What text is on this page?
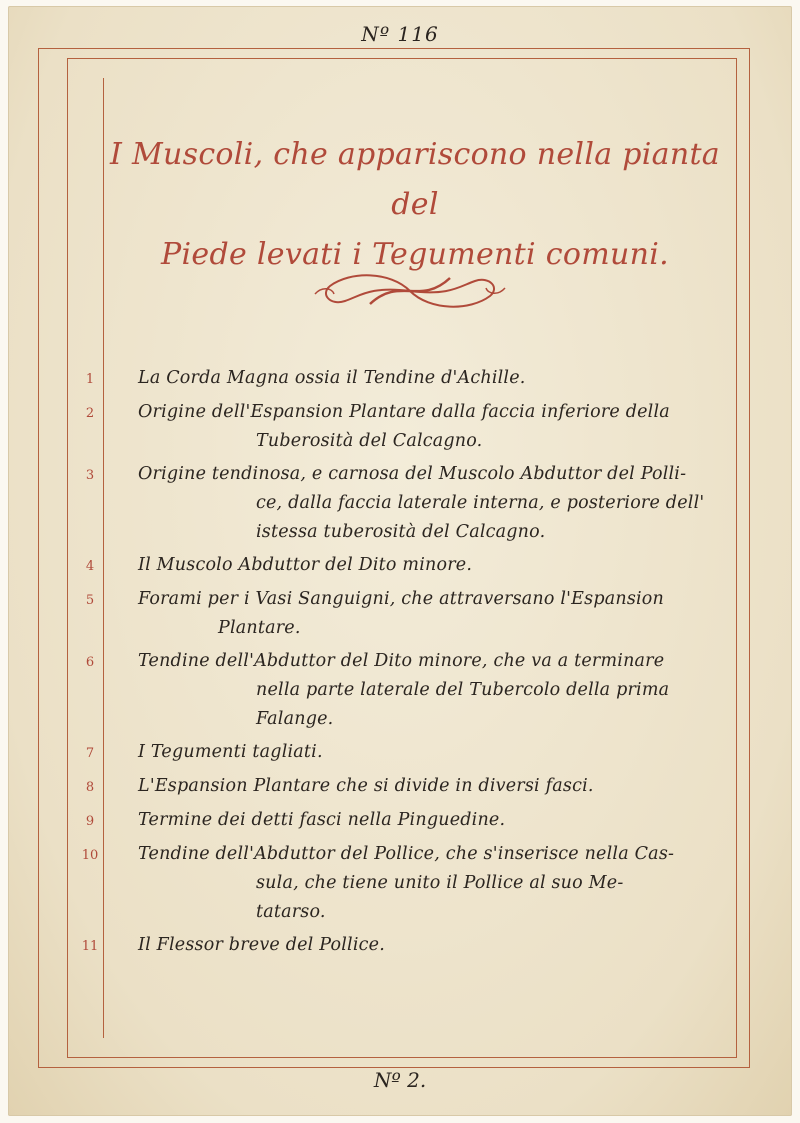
Nº 116
I Muscoli, che appariscono nella pianta del
Piede levati i Tegumenti comuni.
1	La Corda Magna ossia il Tendine d'Achille.
2	Origine dell'Espansion Plantare dalla faccia inferiore della
Tuberosità del Calcagno.
3	Origine tendinosa, e carnosa del Muscolo Abduttor del Polli-
ce, dalla faccia laterale interna, e posteriore dell'
istessa tuberosità del Calcagno.
4	Il Muscolo Abduttor del Dito minore.
5	Forami per i Vasi Sanguigni, che attraversano l'Espansion
Plantare.
6	Tendine dell'Abduttor del Dito minore, che va a terminare
nella parte laterale del Tubercolo della prima
Falange.
7	I Tegumenti tagliati.
8	L'Espansion Plantare che si divide in diversi fasci.
9	Termine dei detti fasci nella Pinguedine.
10	Tendine dell'Abduttor del Pollice, che s'inserisce nella Cas-
sula, che tiene unito il Pollice al suo Me-
tatarso.
11	Il Flessor breve del Pollice.
Nº 2.
